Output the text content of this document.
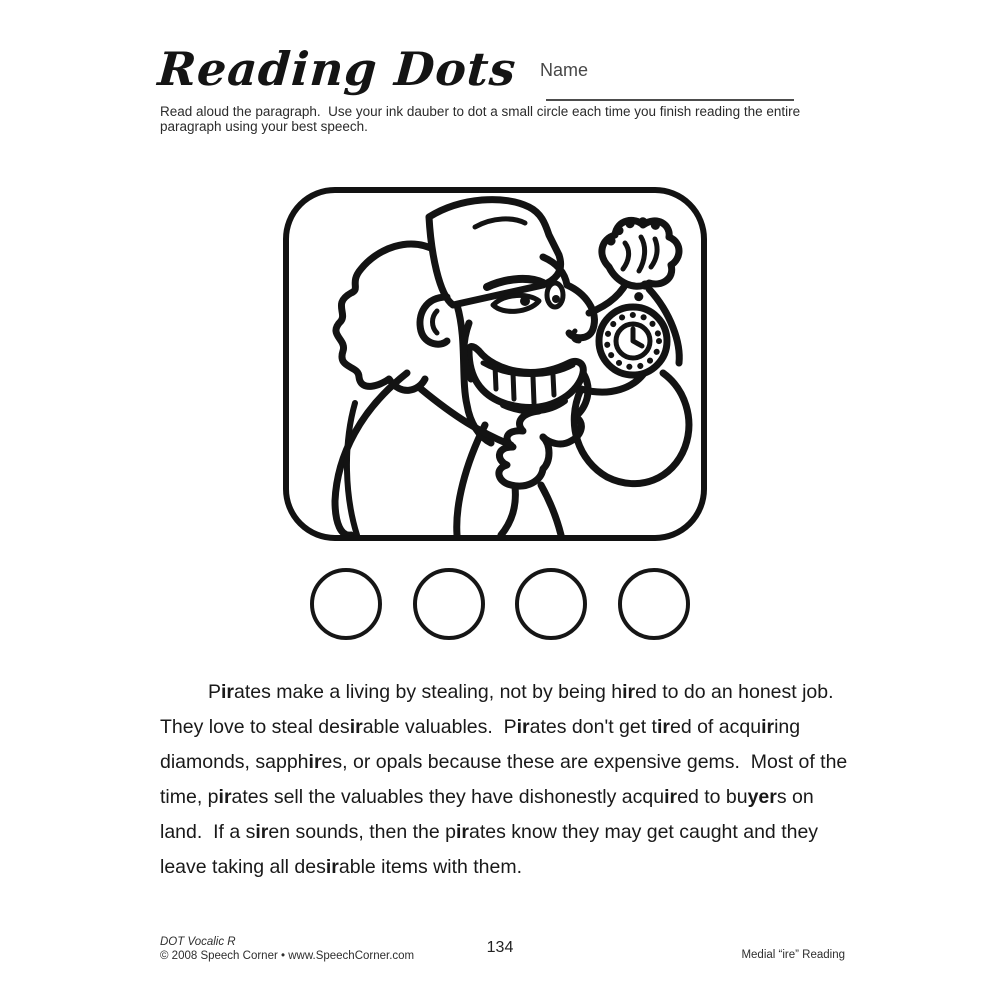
Reading Dots Name
Read aloud the paragraph.  Use your ink dauber to dot a small circle each time you finish reading the entire paragraph using your best speech.
Pirates make a living by stealing, not by being hired to do an honest job.  They love to steal desirable valuables.  Pirates don't get tired of acquiring diamonds, sapphires, or opals because these are expensive gems.  Most of the time, pirates sell the valuables they have dishonestly acquired to buyers on land.  If a siren sounds, then the pirates know they may get caught and they leave taking all desirable items with them.
DOT Vocalic R
© 2008 Speech Corner • www.SpeechCorner.com	134	Medial “ire” Reading
